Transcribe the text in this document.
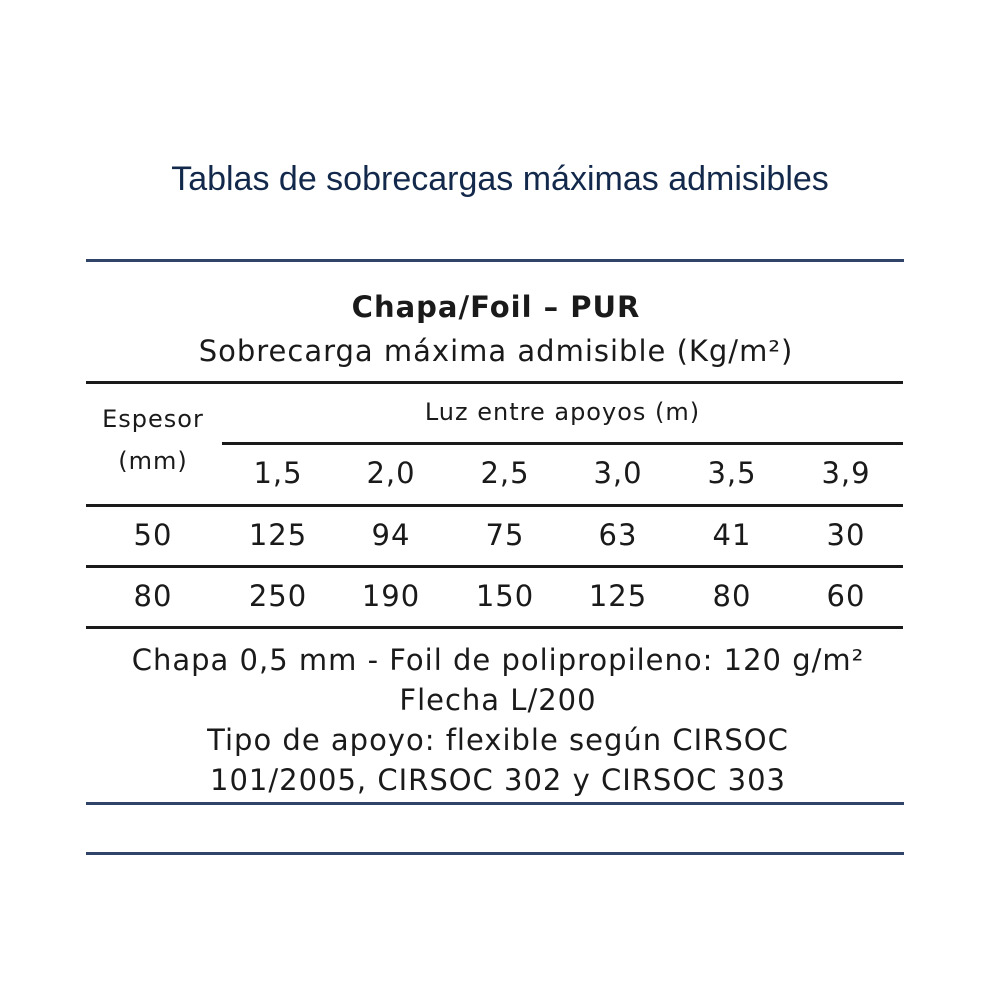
Tablas de sobrecargas máximas admisibles
Chapa/Foil – PUR
Sobrecarga máxima admisible (Kg/m²)
Espesor
(mm)
Luz entre apoyos (m)
1,5	2,0	2,5	3,0	3,5	3,9
50	125	94	75	63	41	30
80	250	190	150	125	80	60
Chapa 0,5 mm - Foil de polipropileno: 120 g/m²
Flecha L/200
Tipo de apoyo: flexible según CIRSOC
101/2005, CIRSOC 302 y CIRSOC 303
